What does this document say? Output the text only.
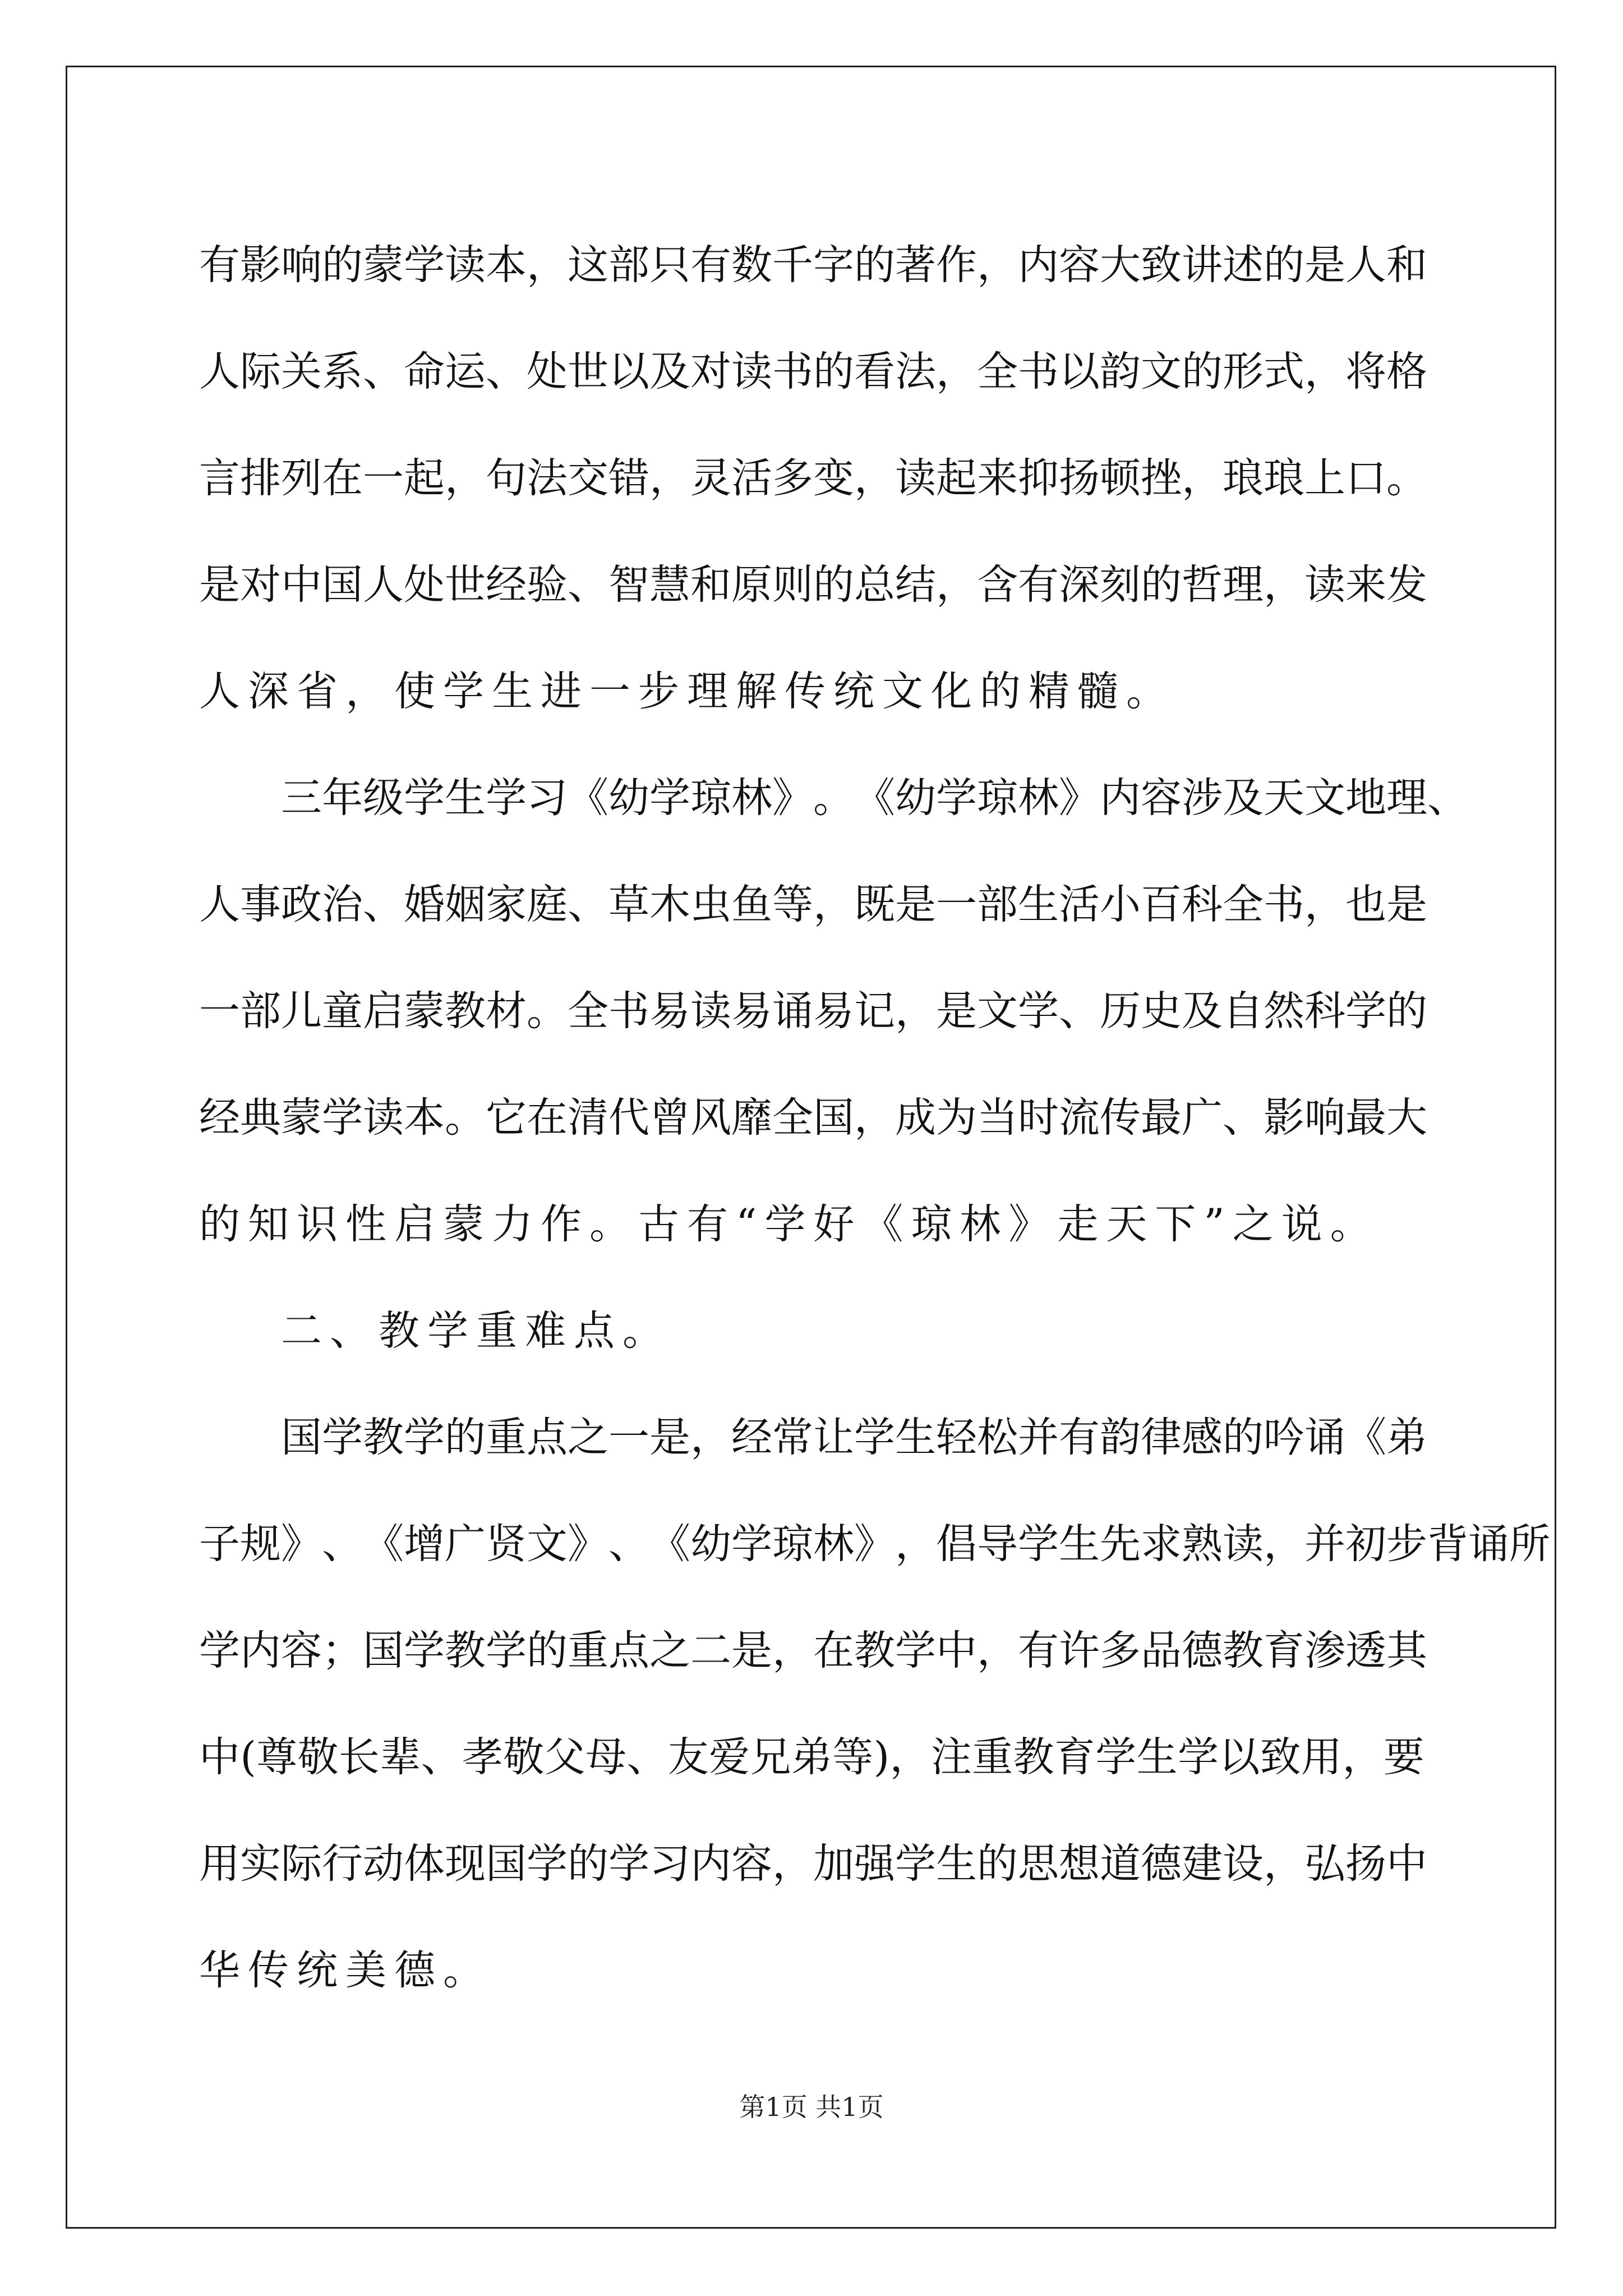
有 影 响 的 蒙 学 读 本 ， 这 部 只 有 数 千 字 的 著 作 ， 内 容 大 致 讲 述 的 是 人 和
人 际 关 系 、 命 运 、 处 世 以 及 对 读 书 的 看 法 ， 全 书 以 韵 文 的 形 式 ， 将 格
言 排 列 在 一 起 ， 句 法 交 错 ， 灵 活 多 变 ， 读 起 来 抑 扬 顿 挫 ， 琅 琅 上 口 。
是 对 中 国 人 处 世 经 验 、 智 慧 和 原 则 的 总 结 ， 含 有 深 刻 的 哲 理 ， 读 来 发
人深省，使学生进一步理解传统文化的精髓。
三 年 级 学 生 学 习 《 幼 学 琼 林 》 。 《 幼 学 琼 林 》 内 容 涉 及 天 文 地 理 、
人 事 政 治 、 婚 姻 家 庭 、 草 木 虫 鱼 等 ， 既 是 一 部 生 活 小 百 科 全 书 ， 也 是
一 部 儿 童 启 蒙 教 材 。 全 书 易 读 易 诵 易 记 ， 是 文 学 、 历 史 及 自 然 科 学 的
经 典 蒙 学 读 本 。 它 在 清 代 曾 风 靡 全 国 ， 成 为 当 时 流 传 最 广 、 影 响 最 大
的知识性启蒙力作。古有“学好《琼林》走天下”之说。
二、教学重难点。
国 学 教 学 的 重 点 之 一 是 ， 经 常 让 学 生 轻 松 并 有 韵 律 感 的 吟 诵 《 弟
子 规 》 、 《 增 广 贤 文 》 、 《 幼 学 琼 林 》 ， 倡 导 学 生 先 求 熟 读 ， 并 初 步 背 诵 所
学 内 容 ； 国 学 教 学 的 重 点 之 二 是 ， 在 教 学 中 ， 有 许 多 品 德 教 育 渗 透 其
中 ( 尊 敬 长 辈 、 孝 敬 父 母 、 友 爱 兄 弟 等 ) ， 注 重 教 育 学 生 学 以 致 用 ， 要
用 实 际 行 动 体 现 国 学 的 学 习 内 容 ， 加 强 学 生 的 思 想 道 德 建 设 ， 弘 扬 中
华传统美德。
第1页 共1页
